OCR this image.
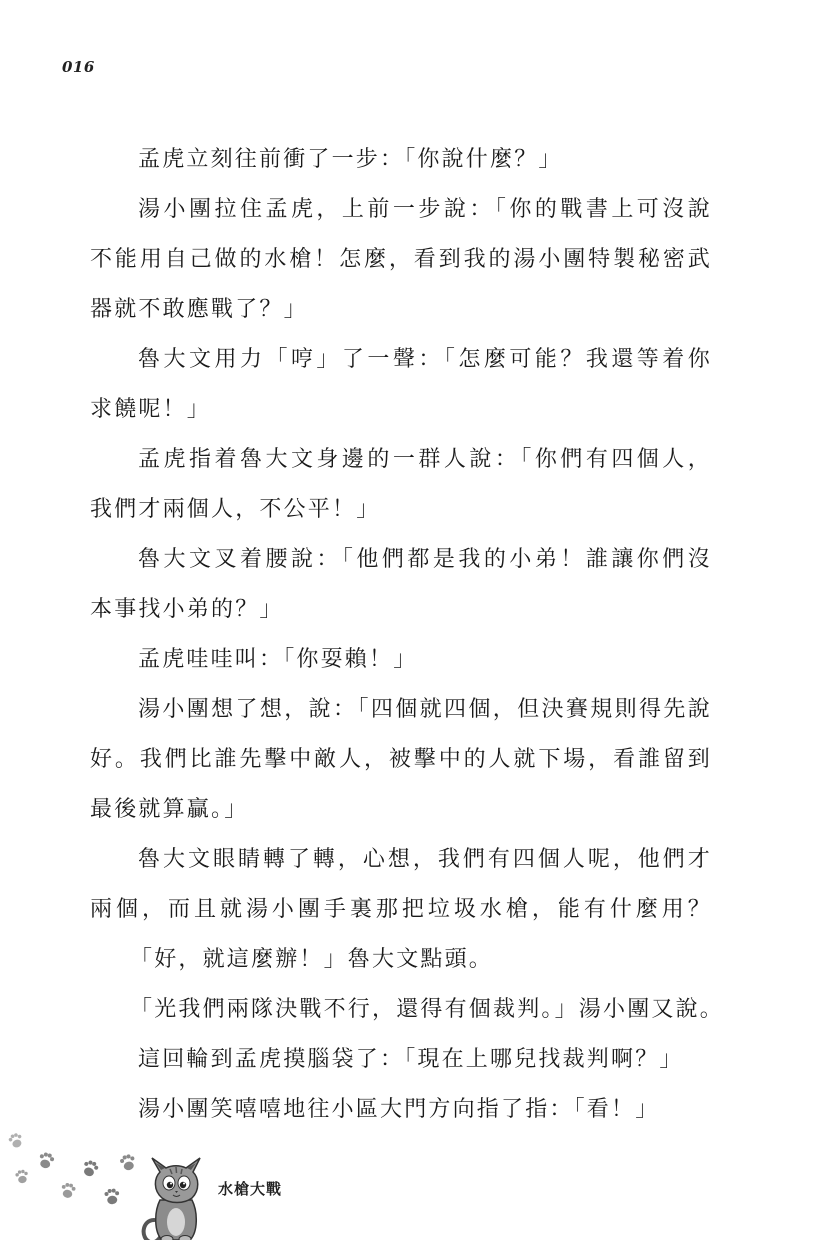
016
孟虎立刻往前衝了一步：「你說什麼？」
湯小團拉住孟虎，上前一步說：「你的戰書上可沒說
不能用自己做的水槍！怎麼，看到我的湯小團特製秘密武
器就不敢應戰了？」
魯大文用力「哼」了一聲：「怎麼可能？我還等着你
求饒呢！」
孟虎指着魯大文身邊的一群人說：「你們有四個人，
我們才兩個人，不公平！」
魯大文叉着腰說：「他們都是我的小弟！誰讓你們沒
本事找小弟的？」
孟虎哇哇叫：「你耍賴！」
湯小團想了想，說：「四個就四個，但決賽規則得先說
好。我們比誰先擊中敵人，被擊中的人就下場，看誰留到
最後就算贏。」
魯大文眼睛轉了轉，心想，我們有四個人呢，他們才
兩個，而且就湯小團手裏那把垃圾水槍，能有什麼用？
「好，就這麼辦！」魯大文點頭。
「光我們兩隊決戰不行，還得有個裁判。」湯小團又說。
這回輪到孟虎摸腦袋了：「現在上哪兒找裁判啊？」
湯小團笑嘻嘻地往小區大門方向指了指：「看！」
水槍大戰
